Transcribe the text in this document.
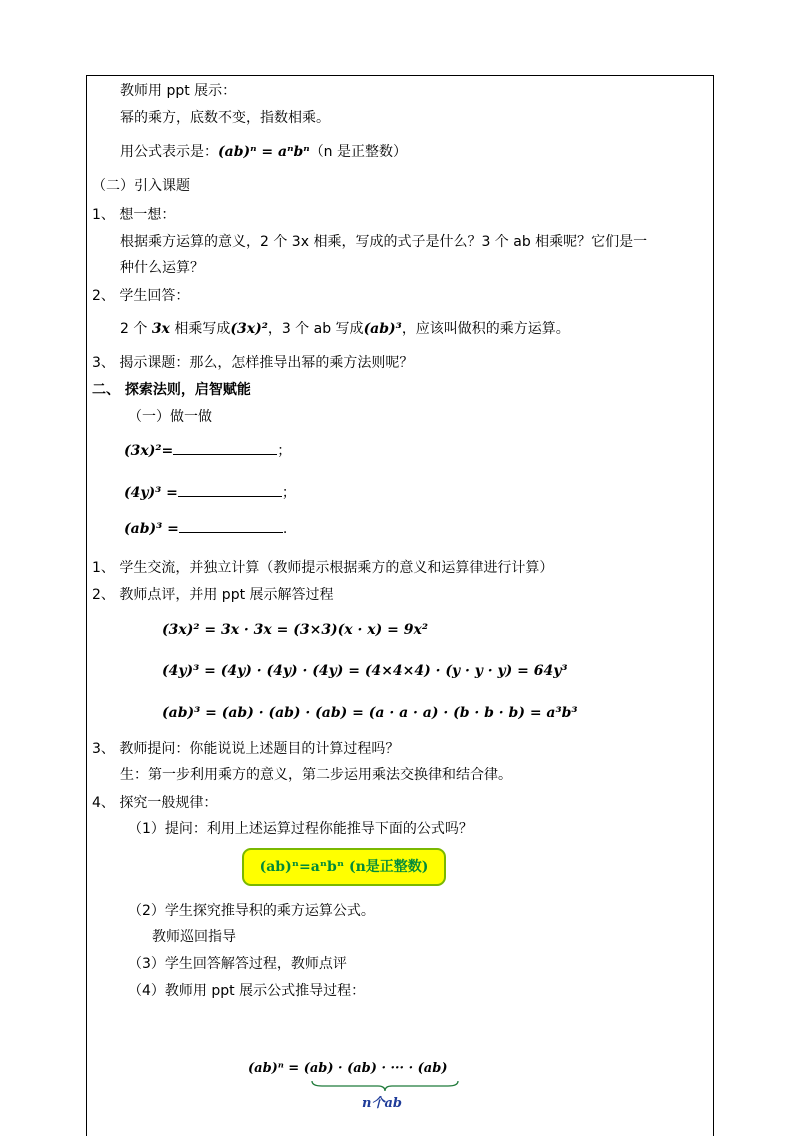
教师用 ppt 展示：
幂的乘方，底数不变，指数相乘。
用公式表示是：(ab)ⁿ = aⁿbⁿ（n 是正整数）
（二）引入课题
1、 想一想：
根据乘方运算的意义，2 个 3x 相乘，写成的式子是什么？3 个 ab 相乘呢？它们是一
种什么运算？
2、 学生回答：
2 个 3x 相乘写成(3x)²，3 个 ab 写成(ab)³，应该叫做积的乘方运算。
3、 揭示课题：那么，怎样推导出幂的乘方法则呢？
二、 探索法则，启智赋能
（一）做一做
(3x)²=	；
(4y)³ =	；
(ab)³ =	.
1、 学生交流，并独立计算（教师提示根据乘方的意义和运算律进行计算）
2、 教师点评，并用 ppt 展示解答过程
(3x)² = 3x · 3x = (3×3)(x · x) = 9x²
(4y)³ = (4y) · (4y) · (4y) = (4×4×4) · (y · y · y) = 64y³
(ab)³ = (ab) · (ab) · (ab) = (a · a · a) · (b · b · b) = a³b³
3、 教师提问：你能说说上述题目的计算过程吗？
生：第一步利用乘方的意义，第二步运用乘法交换律和结合律。
4、 探究一般规律：
（1）提问：利用上述运算过程你能推导下面的公式吗？
(ab)ⁿ=aⁿbⁿ (n是正整数)
（2）学生探究推导积的乘方运算公式。
教师巡回指导
（3）学生回答解答过程，教师点评
（4）教师用 ppt 展示公式推导过程：
(ab)ⁿ = (ab) · (ab) · ··· · (ab)
n个ab
